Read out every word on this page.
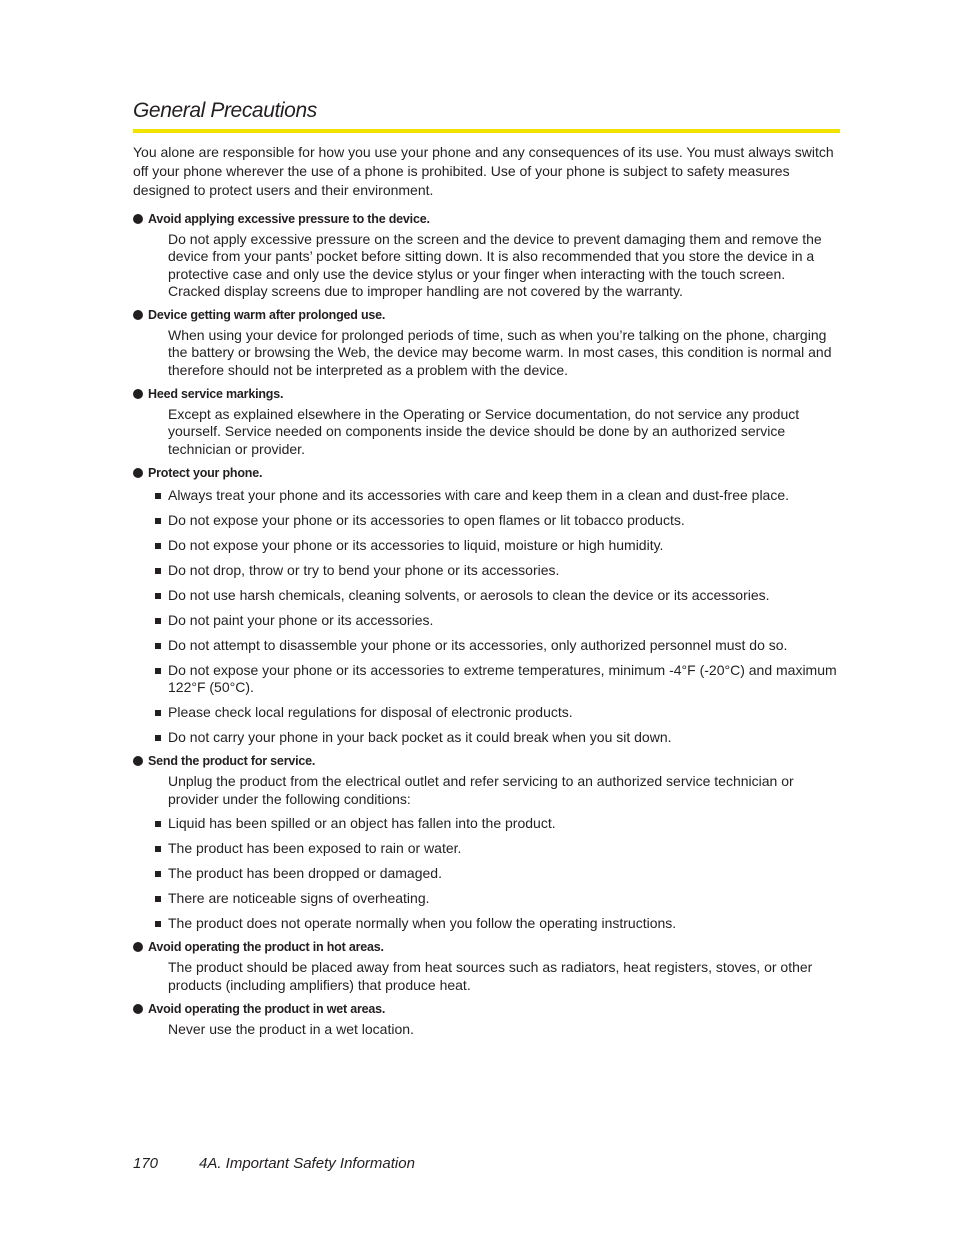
General Precautions

You alone are responsible for how you use your phone and any consequences of its use. You must always switch off your phone wherever the use of a phone is prohibited. Use of your phone is subject to safety measures designed to protect users and their environment.

Avoid applying excessive pressure to the device.
Do not apply excessive pressure on the screen and the device to prevent damaging them and remove the device from your pants’ pocket before sitting down. It is also recommended that you store the device in a protective case and only use the device stylus or your finger when interacting with the touch screen. Cracked display screens due to improper handling are not covered by the warranty.
Device getting warm after prolonged use.
When using your device for prolonged periods of time, such as when you’re talking on the phone, charging the battery or browsing the Web, the device may become warm. In most cases, this condition is normal and therefore should not be interpreted as a problem with the device.
Heed service markings.
Except as explained elsewhere in the Operating or Service documentation, do not service any product yourself. Service needed on components inside the device should be done by an authorized service technician or provider.
Protect your phone.
Always treat your phone and its accessories with care and keep them in a clean and dust-free place.
Do not expose your phone or its accessories to open flames or lit tobacco products.
Do not expose your phone or its accessories to liquid, moisture or high humidity.
Do not drop, throw or try to bend your phone or its accessories.
Do not use harsh chemicals, cleaning solvents, or aerosols to clean the device or its accessories.
Do not paint your phone or its accessories.
Do not attempt to disassemble your phone or its accessories, only authorized personnel must do so.
Do not expose your phone or its accessories to extreme temperatures, minimum -4°F (-20°C) and maximum 122°F (50°C).
Please check local regulations for disposal of electronic products.
Do not carry your phone in your back pocket as it could break when you sit down.
Send the product for service.
Unplug the product from the electrical outlet and refer servicing to an authorized service technician or provider under the following conditions:
Liquid has been spilled or an object has fallen into the product.
The product has been exposed to rain or water.
The product has been dropped or damaged.
There are noticeable signs of overheating.
The product does not operate normally when you follow the operating instructions.
Avoid operating the product in hot areas.
The product should be placed away from heat sources such as radiators, heat registers, stoves, or other products (including amplifiers) that produce heat.
Avoid operating the product in wet areas.
Never use the product in a wet location.
170	4A. Important Safety Information
